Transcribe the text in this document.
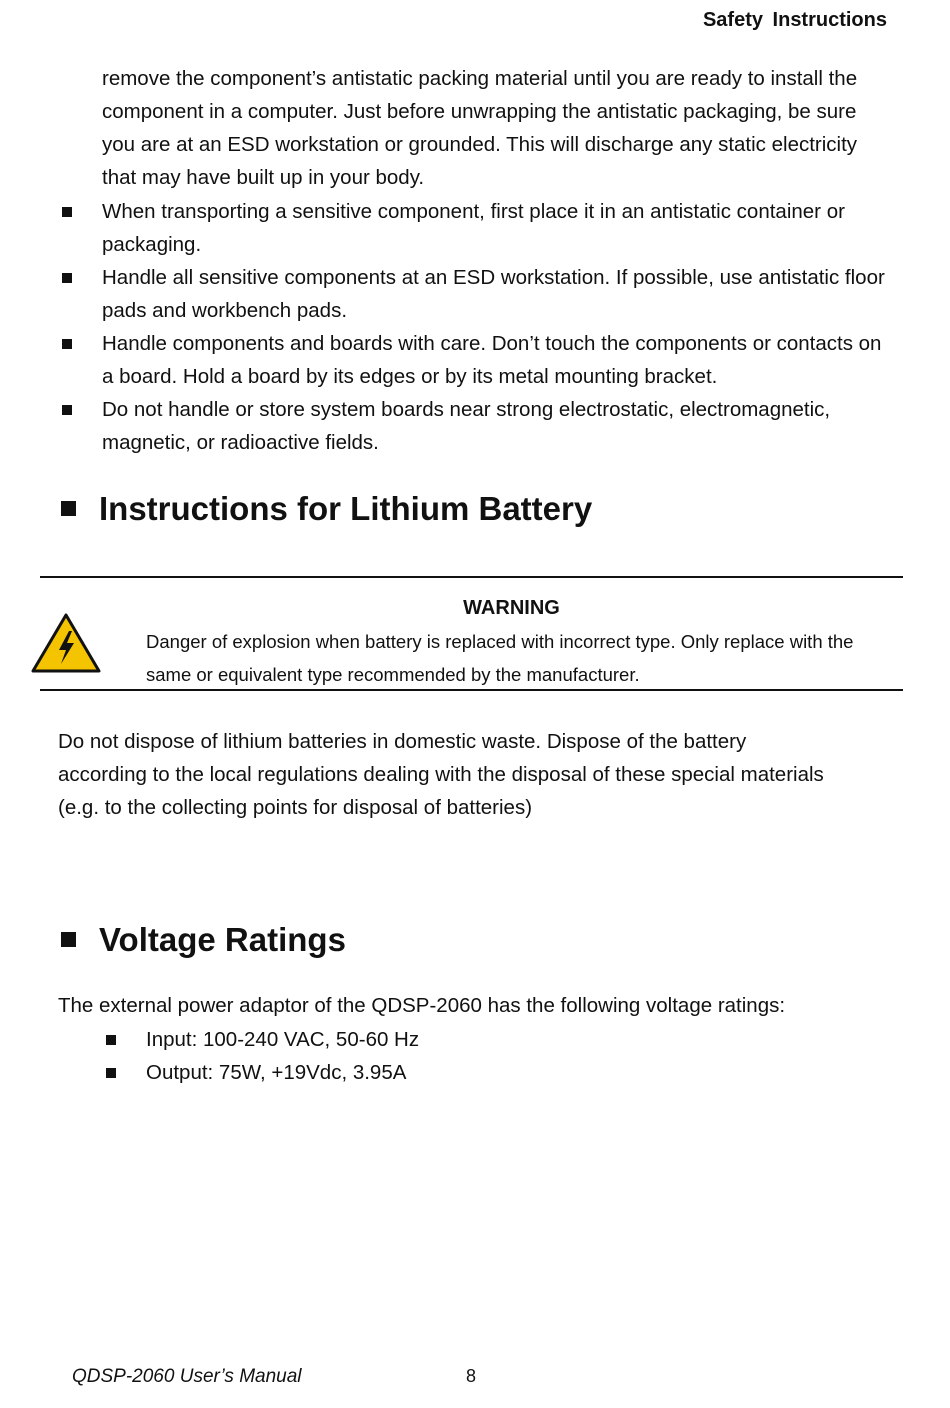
Safety Instructions

remove the component’s antistatic packing material until you are ready to install the component in a computer. Just before unwrapping the antistatic packaging, be sure you are at an ESD workstation or grounded. This will discharge any static electricity that may have built up in your body.

When transporting a sensitive component, first place it in an antistatic container or packaging.
Handle all sensitive components at an ESD workstation. If possible, use antistatic floor pads and workbench pads.
Handle components and boards with care. Don’t touch the components or contacts on a board. Hold a board by its edges or by its metal mounting bracket.
Do not handle or store system boards near strong electrostatic, electromagnetic, magnetic, or radioactive fields.
Instructions for Lithium Battery
WARNING
Danger of explosion when battery is replaced with incorrect type. Only replace with the same or equivalent type recommended by the manufacturer.

Do not dispose of lithium batteries in domestic waste. Dispose of the battery according to the local regulations dealing with the disposal of these special materials (e.g. to the collecting points for disposal of batteries)

Voltage Ratings

The external power adaptor of the QDSP-2060 has the following voltage ratings:

Input: 100-240 VAC, 50-60 Hz
Output: 75W, +19Vdc, 3.95A
QDSP-2060 User’s Manual	8
